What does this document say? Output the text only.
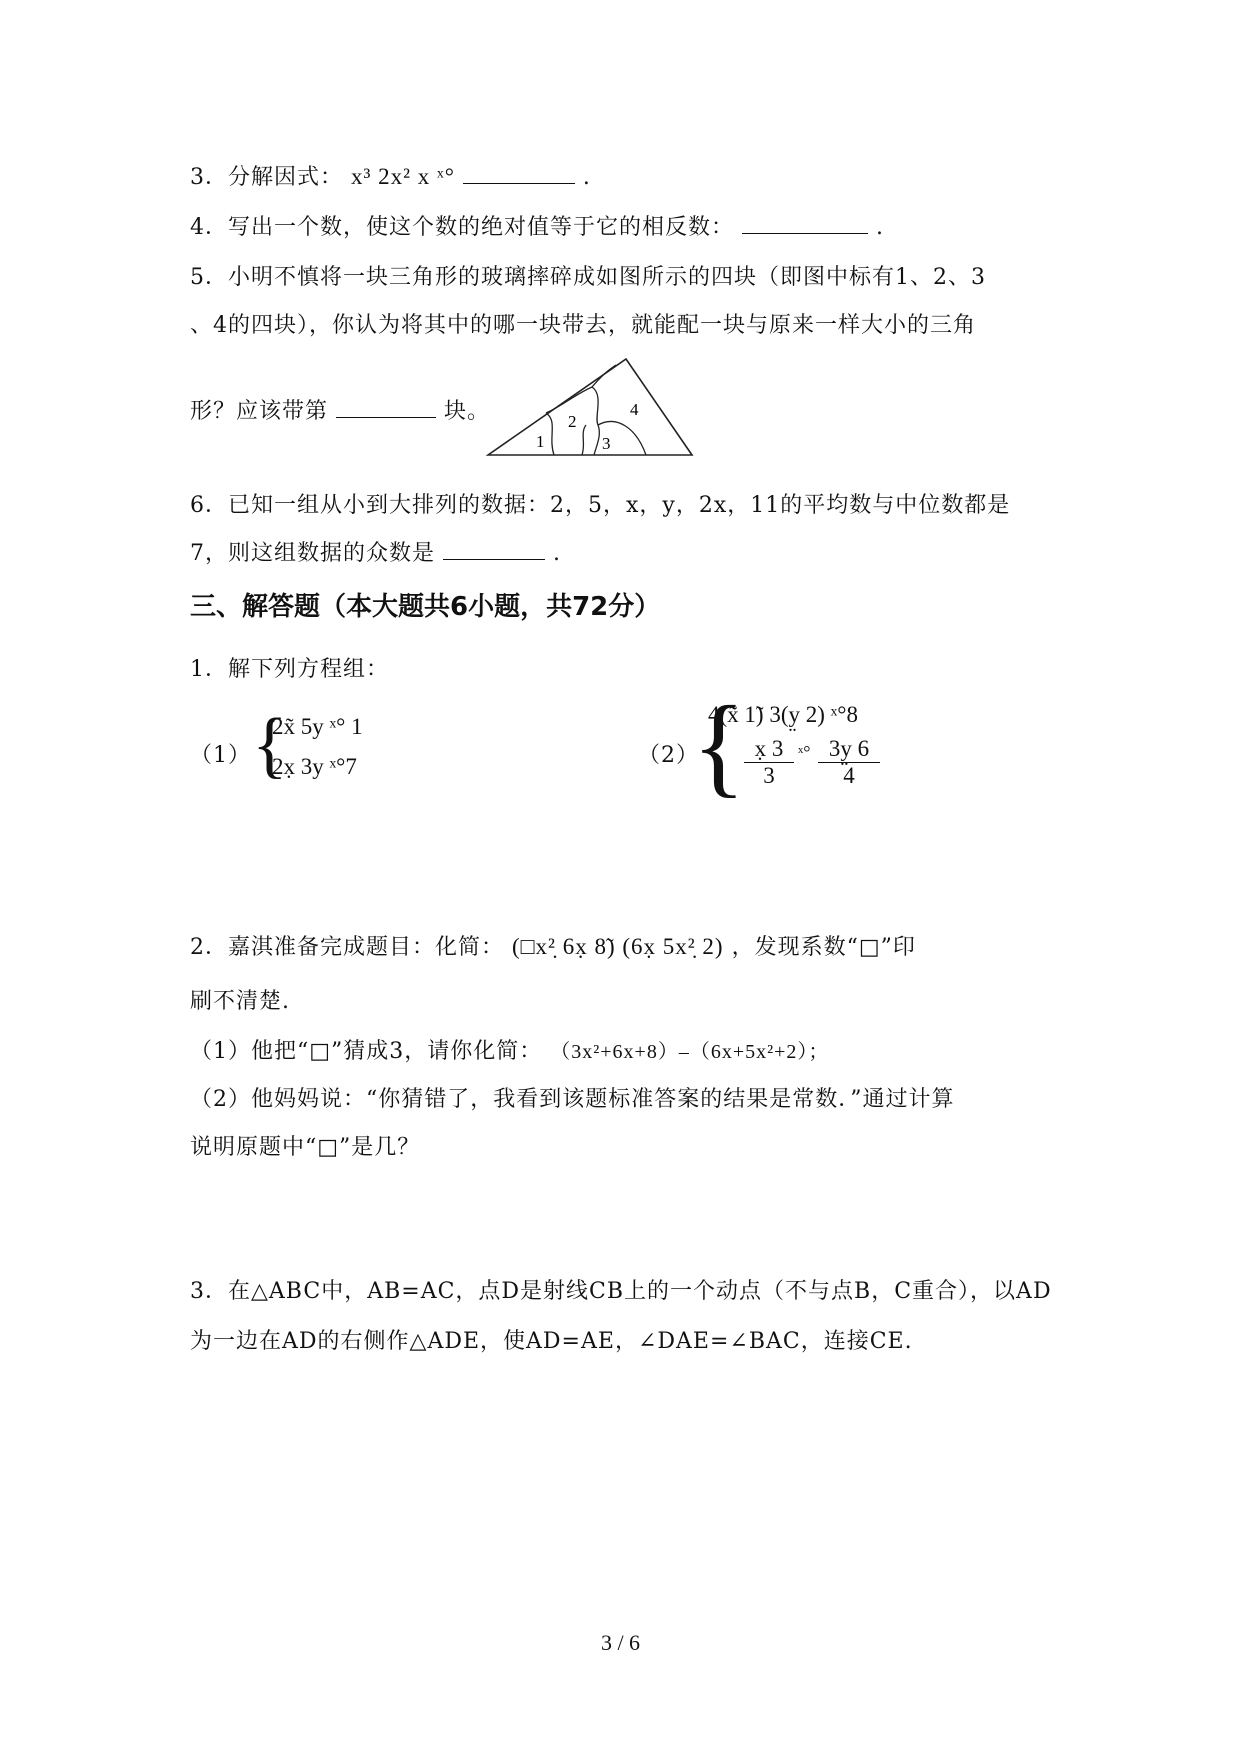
3．分解因式： x³ 2x² x ˣ°	.
4．写出一个数，使这个数的绝对值等于它的相反数：	.
5．小明不慎将一块三角形的玻璃摔碎成如图所示的四块（即图中标有1、2、3
、4的四块），你认为将其中的哪一块带去，就能配一块与原来一样大小的三角
形？应该带第	块。
1
2
3
4
6．已知一组从小到大排列的数据：2，5，x，y，2x，11的平均数与中位数都是
7，则这组数据的众数是	.
三、解答题（本大题共6小题，共72分）
1．解下列方程组：
（1） {
2x̃ 5y ˣ° 1
2x̣ 3y ˣ°7	（2）
{
4(x̃ 1̃) 3(y̤ 2) ˣ°8
$\frac{x̣ 3}{3}$ ˣ° $\frac{3y̤ 6}{4}$
2．嘉淇准备完成题目：化简： (□x²̣ 6x̣ 8̃) (6x̣ 5x²̣ 2) ，发现系数“□”印
刷不清楚.
（1）他把“□”猜成3，请你化简： （3x²+6x+8）–（6x+5x²+2）；
（2）他妈妈说：“你猜错了，我看到该题标准答案的结果是常数．”通过计算
说明原题中“□”是几？
3．在△ABC中，AB=AC，点D是射线CB上的一个动点（不与点B，C重合），以AD
为一边在AD的右侧作△ADE，使AD=AE，∠DAE=∠BAC，连接CE.
3 / 6
